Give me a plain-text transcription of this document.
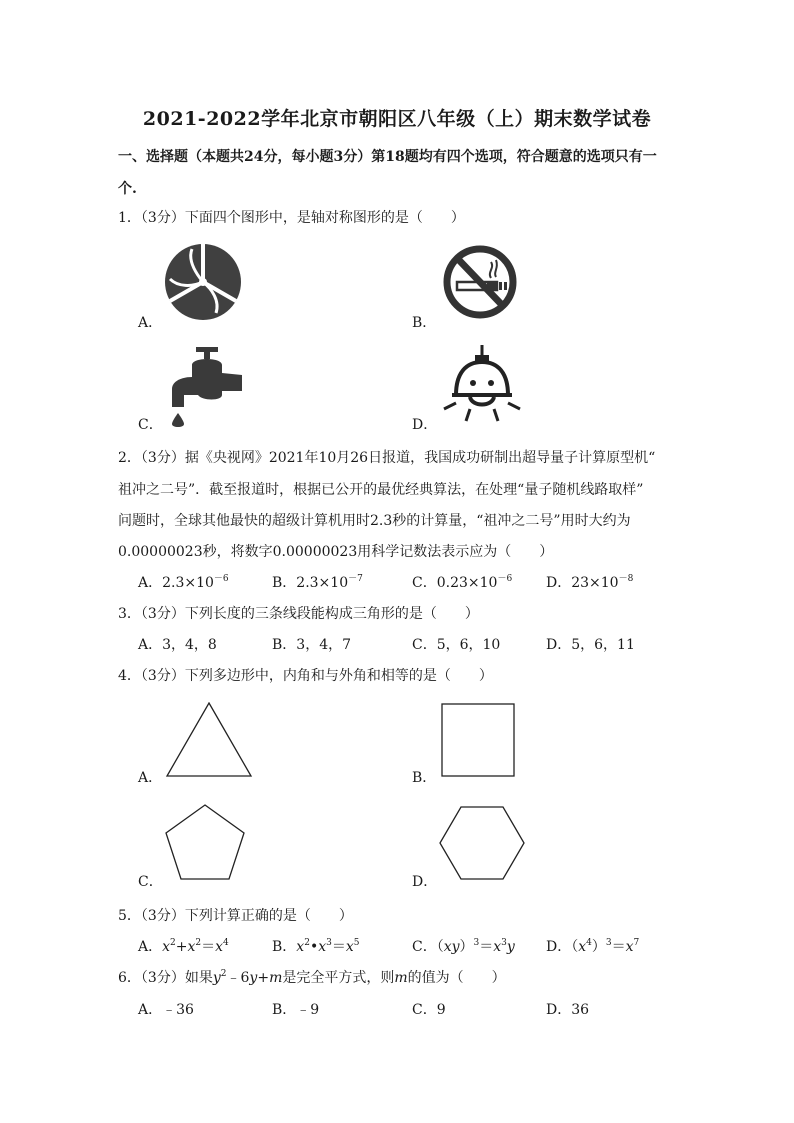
2021-2022学年北京市朝阳区八年级（上）期末数学试卷
一、选择题（本题共24分，每小题3分）第18题均有四个选项，符合题意的选项只有一
个.
1．（3分）下面四个图形中，是轴对称图形的是（　　）
A．	B．
C．	D．
2．（3分）据《央视网》2021年10月26日报道，我国成功研制出超导量子计算原型机“
祖冲之二号”．截至报道时，根据已公开的最优经典算法，在处理“量子随机线路取样”
问题时，全球其他最快的超级计算机用时2.3秒的计算量，“祖冲之二号”用时大约为
0.00000023秒，将数字0.00000023用科学记数法表示应为（　　）
A．$2.3\times 10^{-6}$	B．$2.3\times 10^{-7}$	C．$0.23\times 10^{-6}$ D．$23\times 10^{-8}$
3．（3分）下列长度的三条线段能构成三角形的是（　　）
A．3，4，8	B．3，4，7	C．5，6，10	D．5，6，11
4．（3分）下列多边形中，内角和与外角和相等的是（　　）
A．	B．
C．	D．
5．（3分）下列计算正确的是（　　）
A．$x^2+x^2=x^4$	B．$x^2•x^3=x^5$	C．$(xy)^3=x^3y$ D．$(x^4)^3=x^7$
6．（3分）如果$y^2﹣6y+m$是完全平方式，则m的值为（　　）
A．﹣36	B．﹣9	C．9	D．36
